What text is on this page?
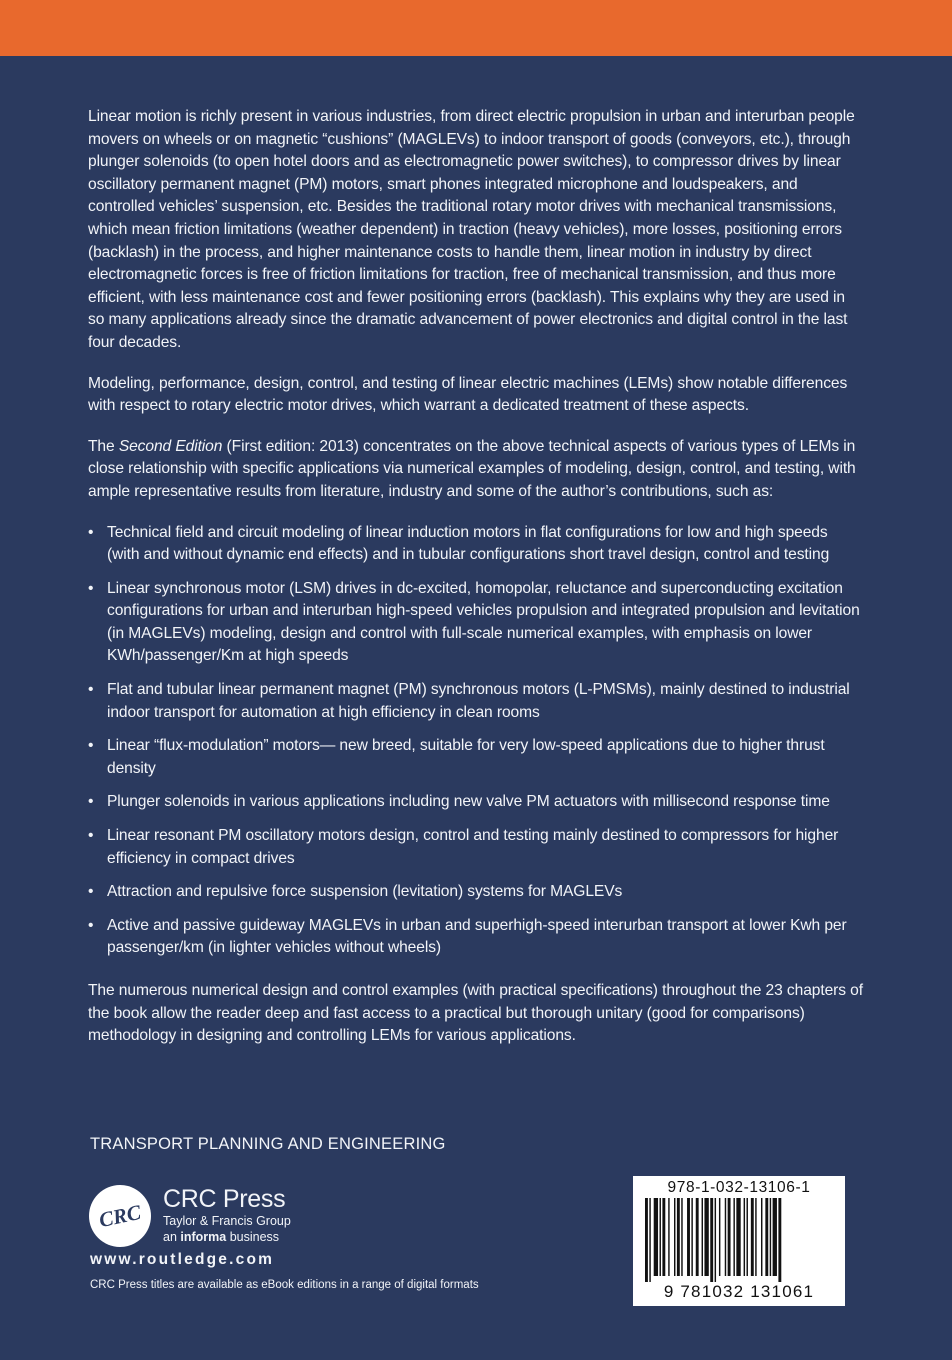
Linear motion is richly present in various industries, from direct electric propulsion in urban and interurban people movers on wheels or on magnetic “cushions” (MAGLEVs) to indoor transport of goods (conveyors, etc.), through plunger solenoids (to open hotel doors and as electromagnetic power switches), to compressor drives by linear oscillatory permanent magnet (PM) motors, smart phones integrated microphone and loudspeakers, and controlled vehicles’ suspension, etc. Besides the traditional rotary motor drives with mechanical transmissions, which mean friction limitations (weather dependent) in traction (heavy vehicles), more losses, positioning errors (backlash) in the process, and higher maintenance costs to handle them, linear motion in industry by direct electromagnetic forces is free of friction limitations for traction, free of mechanical transmission, and thus more efficient, with less maintenance cost and fewer positioning errors (backlash). This explains why they are used in so many applications already since the dramatic advancement of power electronics and digital control in the last four decades.

Modeling, performance, design, control, and testing of linear electric machines (LEMs) show notable differences with respect to rotary electric motor drives, which warrant a dedicated treatment of these aspects.

The Second Edition (First edition: 2013) concentrates on the above technical aspects of various types of LEMs in close relationship with specific applications via numerical examples of modeling, design, control, and testing, with ample representative results from literature, industry and some of the author’s contributions, such as:

• Technical field and circuit modeling of linear induction motors in flat configurations for low and high speeds (with and without dynamic end effects) and in tubular configurations short travel design, control and testing
• Linear synchronous motor (LSM) drives in dc-excited, homopolar, reluctance and superconducting excitation configurations for urban and interurban high-speed vehicles propulsion and integrated propulsion and levitation (in MAGLEVs) modeling, design and control with full-scale numerical examples, with emphasis on lower KWh/passenger/Km at high speeds
• Flat and tubular linear permanent magnet (PM) synchronous motors (L-PMSMs), mainly destined to industrial indoor transport for automation at high efficiency in clean rooms
• Linear “flux-modulation” motors— new breed, suitable for very low-speed applications due to higher thrust density
• Plunger solenoids in various applications including new valve PM actuators with millisecond response time
• Linear resonant PM oscillatory motors design, control and testing mainly destined to compressors for higher efficiency in compact drives
• Attraction and repulsive force suspension (levitation) systems for MAGLEVs
• Active and passive guideway MAGLEVs in urban and superhigh-speed interurban transport at lower Kwh per passenger/km (in lighter vehicles without wheels)

The numerous numerical design and control examples (with practical specifications) throughout the 23 chapters of the book allow the reader deep and fast access to a practical but thorough unitary (good for comparisons) methodology in designing and controlling LEMs for various applications.

TRANSPORT PLANNING AND ENGINEERING
CRC
CRC Press
Taylor & Francis Group
an informa business
www.routledge.com
CRC Press titles are available as eBook editions in a range of digital formats
978-1-032-13106-1
9 781032 131061
